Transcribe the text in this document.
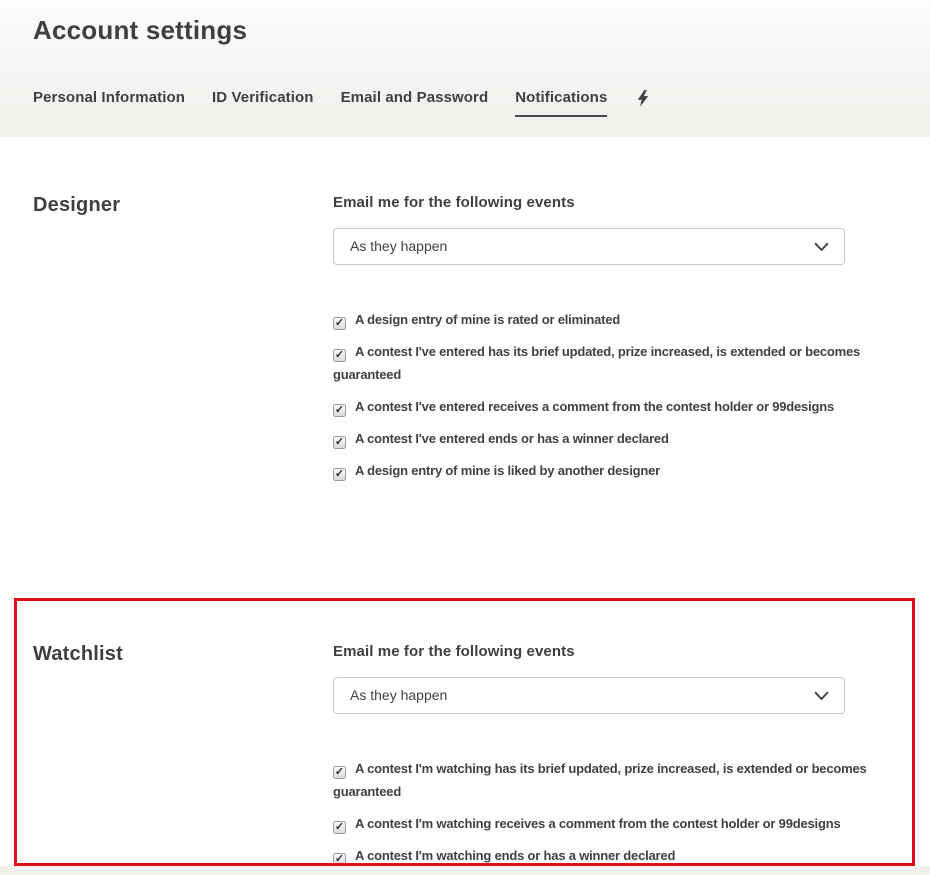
Account settings
Personal Information ID Verification Email and Password Notifications
Designer	Email me for the following events
As they happen
✓ A design entry of mine is rated or eliminated
✓ A contest I've entered has its brief updated, prize increased, is extended or becomes guaranteed
✓ A contest I've entered receives a comment from the contest holder or 99designs
✓ A contest I've entered ends or has a winner declared
✓ A design entry of mine is liked by another designer
Watchlist	Email me for the following events
As they happen
✓ A contest I'm watching has its brief updated, prize increased, is extended or becomes guaranteed
✓ A contest I'm watching receives a comment from the contest holder or 99designs
✓ A contest I'm watching ends or has a winner declared
